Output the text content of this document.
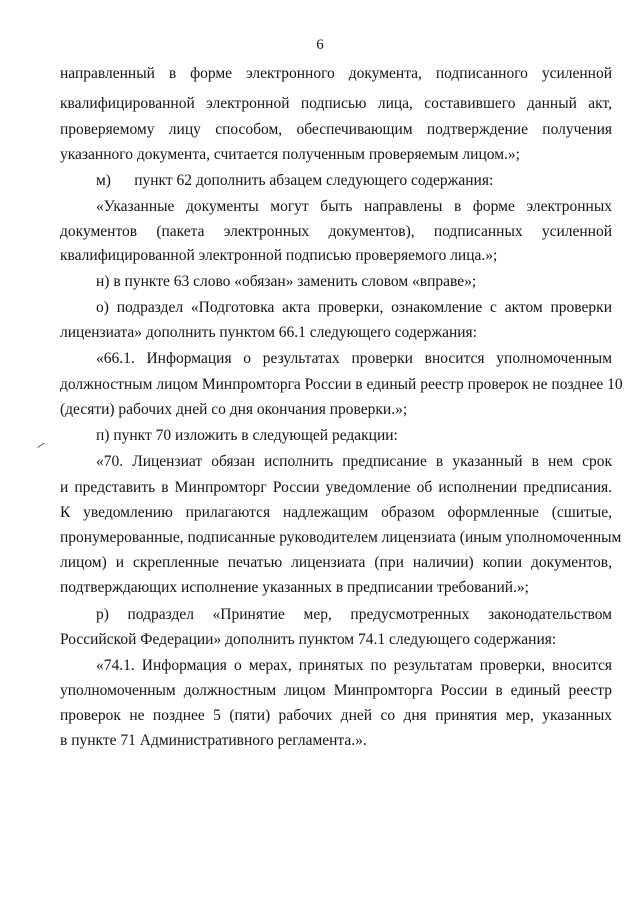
6
направленный в форме электронного документа, подписанного усиленной
квалифицированной электронной подписью лица, составившего данный акт,
проверяемому лицу способом, обеспечивающим подтверждение получения
указанного документа, считается полученным проверяемым лицом.»;
м)      пункт 62 дополнить абзацем следующего содержания:
«Указанные документы могут быть направлены в форме электронных
документов (пакета электронных документов), подписанных усиленной
квалифицированной электронной подписью проверяемого лица.»;
н) в пункте 63 слово «обязан» заменить словом «вправе»;
о) подраздел «Подготовка акта проверки, ознакомление с актом проверки
лицензиата» дополнить пунктом 66.1 следующего содержания:
«66.1. Информация о результатах проверки вносится уполномоченным
должностным лицом Минпромторга России в единый реестр проверок не позднее 10
(десяти) рабочих дней со дня окончания проверки.»;
п) пункт 70 изложить в следующей редакции:
«70. Лицензиат обязан исполнить предписание в указанный в нем срок
и представить в Минпромторг России уведомление об исполнении предписания.
К уведомлению прилагаются надлежащим образом оформленные (сшитые,
пронумерованные, подписанные руководителем лицензиата (иным уполномоченным
лицом) и скрепленные печатью лицензиата (при наличии) копии документов,
подтверждающих исполнение указанных в предписании требований.»;
р) подраздел «Принятие мер, предусмотренных законодательством
Российской Федерации» дополнить пунктом 74.1 следующего содержания:
«74.1. Информация о мерах, принятых по результатам проверки, вносится
уполномоченным должностным лицом Минпромторга России в единый реестр
проверок не позднее 5 (пяти) рабочих дней со дня принятия мер, указанных
в пункте 71 Административного регламента.».
